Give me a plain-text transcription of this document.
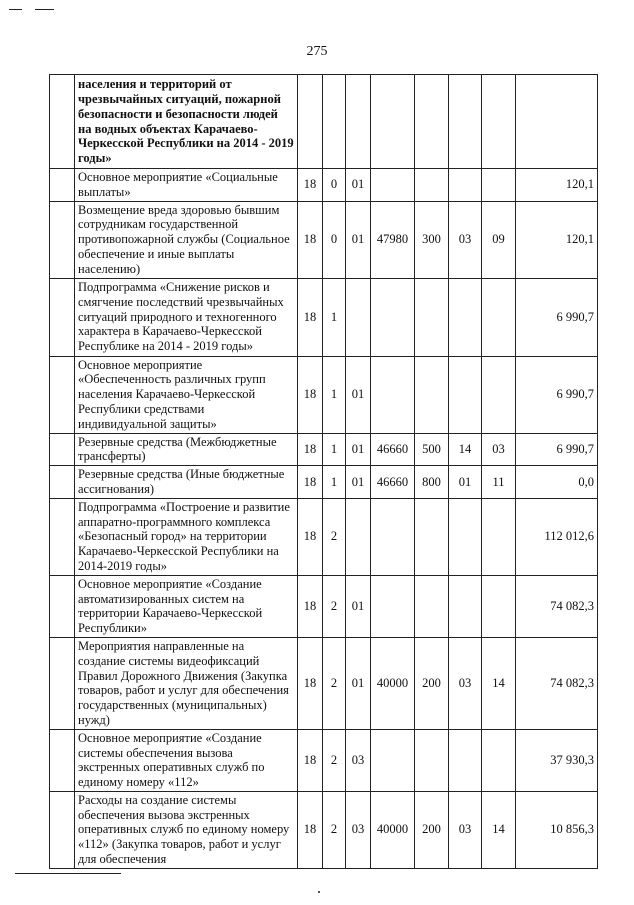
275
	населения и территорий от чрезвычайных ситуаций, пожарной безопасности и безопасности людей на водных объектах Карачаево-Черкесской Республики на 2014 - 2019 годы»								
	Основное мероприятие «Социальные выплаты»	18	0	01					120,1
	Возмещение вреда здоровью бывшим сотрудникам государственной противопожарной службы (Социальное обеспечение и иные выплаты населению)	18	0	01	47980	300	03	09	120,1
	Подпрограмма «Снижение рисков и смягчение последствий чрезвычайных ситуаций природного и техногенного характера в Карачаево-Черкесской Республике на 2014 - 2019 годы»	18	1						6 990,7
	Основное мероприятие «Обеспеченность различных групп населения Карачаево-Черкесской Республики средствами индивидуальной защиты»	18	1	01					6 990,7
	Резервные средства (Межбюджетные трансферты)	18	1	01	46660	500	14	03	6 990,7
	Резервные средства (Иные бюджетные ассигнования)	18	1	01	46660	800	01	11	0,0
	Подпрограмма «Построение и развитие аппаратно-программного комплекса «Безопасный город» на территории Карачаево-Черкесской Республики на 2014-2019 годы»	18	2						112 012,6
	Основное мероприятие «Создание автоматизированных систем на территории Карачаево-Черкесской Республики»	18	2	01					74 082,3
	Мероприятия направленные на создание системы видеофиксаций Правил Дорожного Движения (Закупка товаров, работ и услуг для обеспечения государственных (муниципальных) нужд)	18	2	01	40000	200	03	14	74 082,3
	Основное мероприятие «Создание системы обеспечения вызова экстренных оперативных служб по единому номеру «112»	18	2	03					37 930,3
	Расходы на создание системы обеспечения вызова экстренных оперативных служб по единому номеру «112» (Закупка товаров, работ и услуг для обеспечения	18	2	03	40000	200	03	14	10 856,3
